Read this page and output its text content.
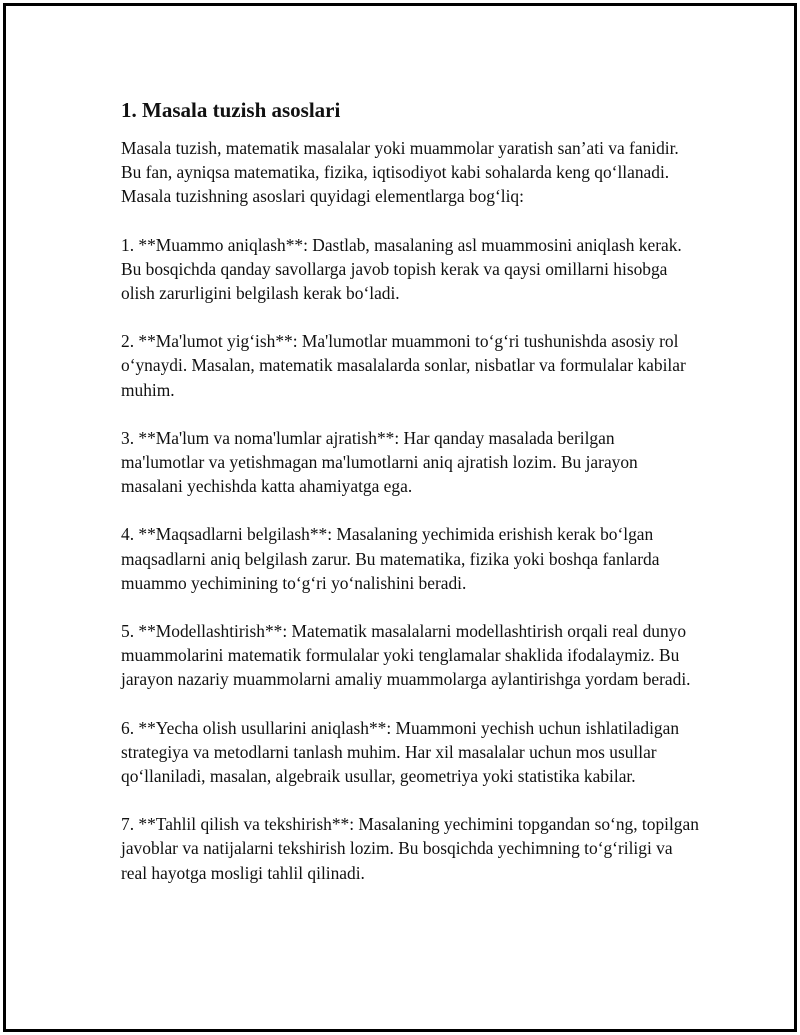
1. Masala tuzish asoslari

Masala tuzish, matematik masalalar yoki muammolar yaratish san’ati va fanidir. Bu fan, ayniqsa matematika, fizika, iqtisodiyot kabi sohalarda keng qo‘llanadi. Masala tuzishning asoslari quyidagi elementlarga bog‘liq:

1. **Muammo aniqlash**: Dastlab, masalaning asl muammosini aniqlash kerak. Bu bosqichda qanday savollarga javob topish kerak va qaysi omillarni hisobga olish zarurligini belgilash kerak bo‘ladi.

2. **Ma'lumot yig‘ish**: Ma'lumotlar muammoni to‘g‘ri tushunishda asosiy rol o‘ynaydi. Masalan, matematik masalalarda sonlar, nisbatlar va formulalar kabilar muhim.

3. **Ma'lum va noma'lumlar ajratish**: Har qanday masalada berilgan ma'lumotlar va yetishmagan ma'lumotlarni aniq ajratish lozim. Bu jarayon masalani yechishda katta ahamiyatga ega.

4. **Maqsadlarni belgilash**: Masalaning yechimida erishish kerak bo‘lgan maqsadlarni aniq belgilash zarur. Bu matematika, fizika yoki boshqa fanlarda muammo yechimining to‘g‘ri yo‘nalishini beradi.

5. **Modellashtirish**: Matematik masalalarni modellashtirish orqali real dunyo muammolarini matematik formulalar yoki tenglamalar shaklida ifodalaymiz. Bu jarayon nazariy muammolarni amaliy muammolarga aylantirishga yordam beradi.

6. **Yecha olish usullarini aniqlash**: Muammoni yechish uchun ishlatiladigan strategiya va metodlarni tanlash muhim. Har xil masalalar uchun mos usullar qo‘llaniladi, masalan, algebraik usullar, geometriya yoki statistika kabilar.

7. **Tahlil qilish va tekshirish**: Masalaning yechimini topgandan so‘ng, topilgan javoblar va natijalarni tekshirish lozim. Bu bosqichda yechimning to‘g‘riligi va real hayotga mosligi tahlil qilinadi.
